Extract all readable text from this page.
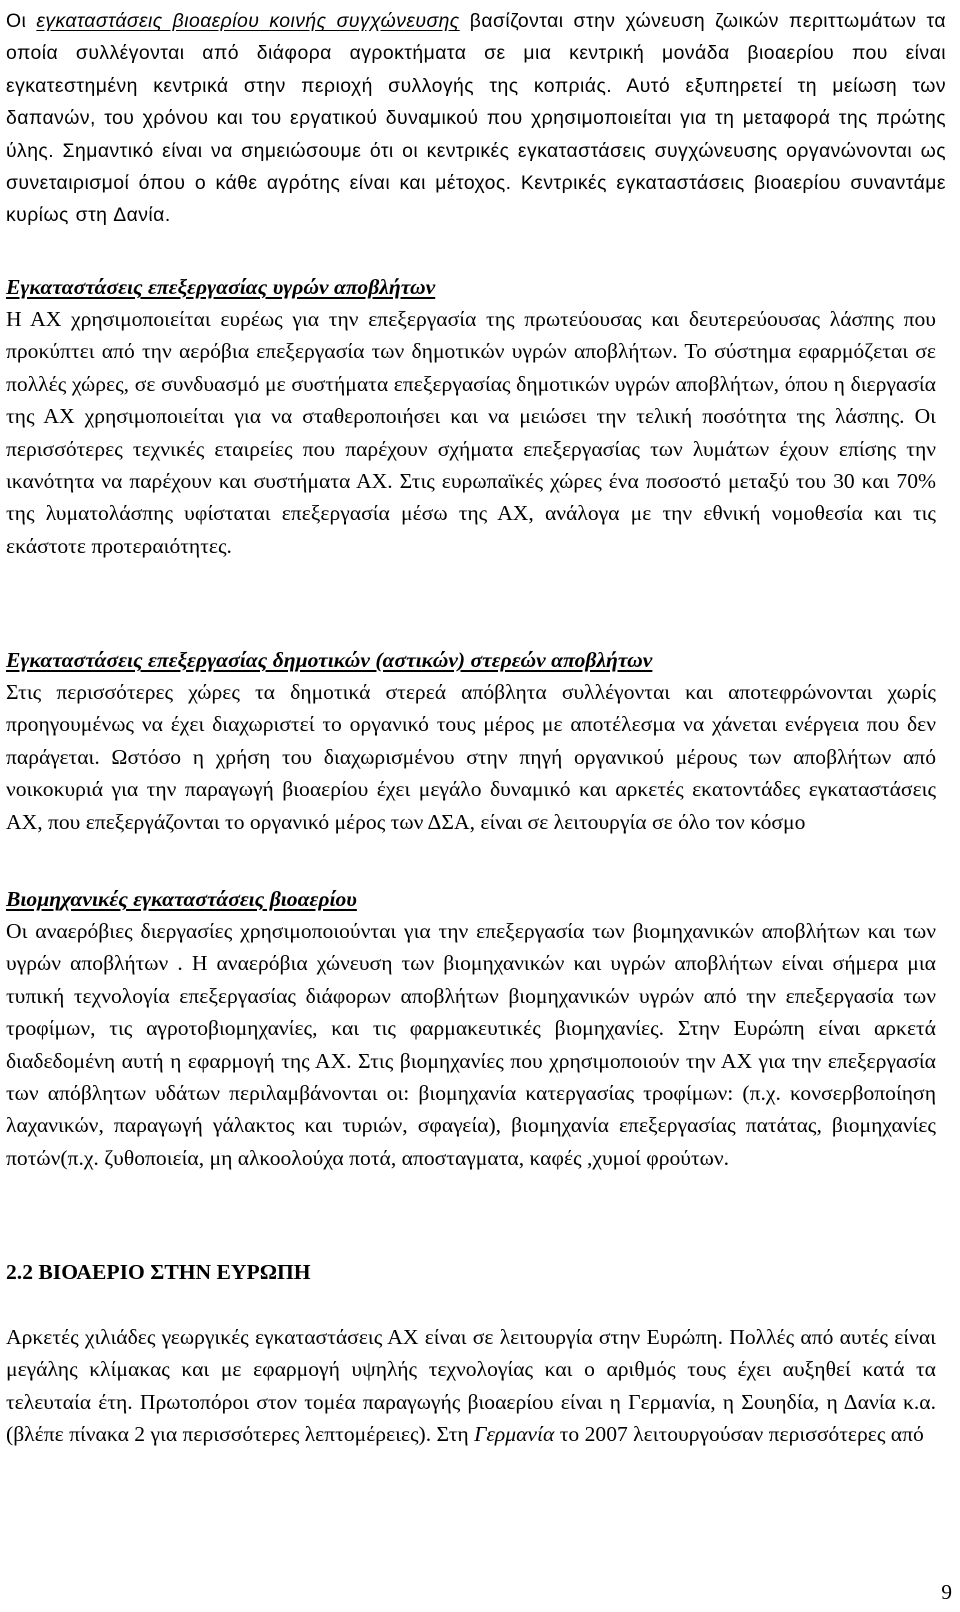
Οι εγκαταστάσεις βιοαερίου κοινής συγχώνευσης βασίζονται στην χώνευση ζωικών περιττωμάτων τα οποία συλλέγονται από διάφορα αγροκτήματα σε μια κεντρική μονάδα βιοαερίου που είναι εγκατεστημένη κεντρικά στην περιοχή συλλογής της κοπριάς. Αυτό εξυπηρετεί τη μείωση των δαπανών, του χρόνου και του εργατικού δυναμικού που χρησιμοποιείται για τη μεταφορά της πρώτης ύλης. Σημαντικό είναι να σημειώσουμε ότι οι κεντρικές εγκαταστάσεις συγχώνευσης οργανώνονται ως συνεταιρισμοί όπου ο κάθε αγρότης είναι και μέτοχος. Κεντρικές εγκαταστάσεις βιοαερίου συναντάμε κυρίως στη Δανία.

Εγκαταστάσεις επεξεργασίας υγρών αποβλήτων

Η ΑΧ χρησιμοποιείται ευρέως για την επεξεργασία της πρωτεύουσας και δευτερεύουσας λάσπης που προκύπτει από την αερόβια επεξεργασία των δημοτικών υγρών αποβλήτων. Το σύστημα εφαρμόζεται σε πολλές χώρες, σε συνδυασμό με συστήματα επεξεργασίας δημοτικών υγρών αποβλήτων, όπου η διεργασία της ΑΧ χρησιμοποιείται για να σταθεροποιήσει και να μειώσει την τελική ποσότητα της λάσπης. Οι περισσότερες τεχνικές εταιρείες που παρέχουν σχήματα επεξεργασίας των λυμάτων έχουν επίσης την ικανότητα να παρέχουν και συστήματα ΑΧ. Στις ευρωπαϊκές χώρες ένα ποσοστό μεταξύ του 30 και 70% της λυματολάσπης υφίσταται επεξεργασία μέσω της ΑΧ, ανάλογα με την εθνική νομοθεσία και τις εκάστοτε προτεραιότητες.

Εγκαταστάσεις επεξεργασίας δημοτικών (αστικών) στερεών αποβλήτων

Στις περισσότερες χώρες τα δημοτικά στερεά απόβλητα συλλέγονται και αποτεφρώνονται χωρίς προηγουμένως να έχει διαχωριστεί το οργανικό τους μέρος με αποτέλεσμα να χάνεται ενέργεια που δεν παράγεται. Ωστόσο η χρήση του διαχωρισμένου στην πηγή οργανικού μέρους των αποβλήτων από νοικοκυριά για την παραγωγή βιοαερίου έχει μεγάλο δυναμικό και αρκετές εκατοντάδες εγκαταστάσεις ΑΧ, που επεξεργάζονται το οργανικό μέρος των ΔΣΑ, είναι σε λειτουργία σε όλο τον κόσμο

Βιομηχανικές εγκαταστάσεις βιοαερίου

Οι αναερόβιες διεργασίες χρησιμοποιούνται για την επεξεργασία των βιομηχανικών αποβλήτων και των υγρών αποβλήτων . Η αναερόβια χώνευση των βιομηχανικών και υγρών αποβλήτων είναι σήμερα μια τυπική τεχνολογία επεξεργασίας διάφορων αποβλήτων βιομηχανικών υγρών από την επεξεργασία των τροφίμων, τις αγροτοβιομηχανίες, και τις φαρμακευτικές βιομηχανίες. Στην Ευρώπη είναι αρκετά διαδεδομένη αυτή η εφαρμογή της ΑΧ. Στις βιομηχανίες που χρησιμοποιούν την ΑΧ για την επεξεργασία των απόβλητων υδάτων περιλαμβάνονται οι: βιομηχανία κατεργασίας τροφίμων: (π.χ. κονσερβοποίηση λαχανικών, παραγωγή γάλακτος και τυριών, σφαγεία), βιομηχανία επεξεργασίας πατάτας, βιομηχανίες ποτών(π.χ. ζυθοποιεία, μη αλκοολούχα ποτά, αποσταγματα, καφές ,χυμοί φρούτων.

2.2 ΒΙΟΑΕΡΙΟ ΣΤΗΝ ΕΥΡΩΠΗ

Αρκετές χιλιάδες γεωργικές εγκαταστάσεις ΑΧ είναι σε λειτουργία στην Ευρώπη. Πολλές από αυτές είναι μεγάλης κλίμακας και με εφαρμογή υψηλής τεχνολογίας και ο αριθμός τους έχει αυξηθεί κατά τα τελευταία έτη. Πρωτοπόροι στον τομέα παραγωγής βιοαερίου είναι η Γερμανία, η Σουηδία, η Δανία κ.α.(βλέπε πίνακα 2 για περισσότερες λεπτομέρειες). Στη Γερμανία το 2007 λειτουργούσαν περισσότερες από

9
